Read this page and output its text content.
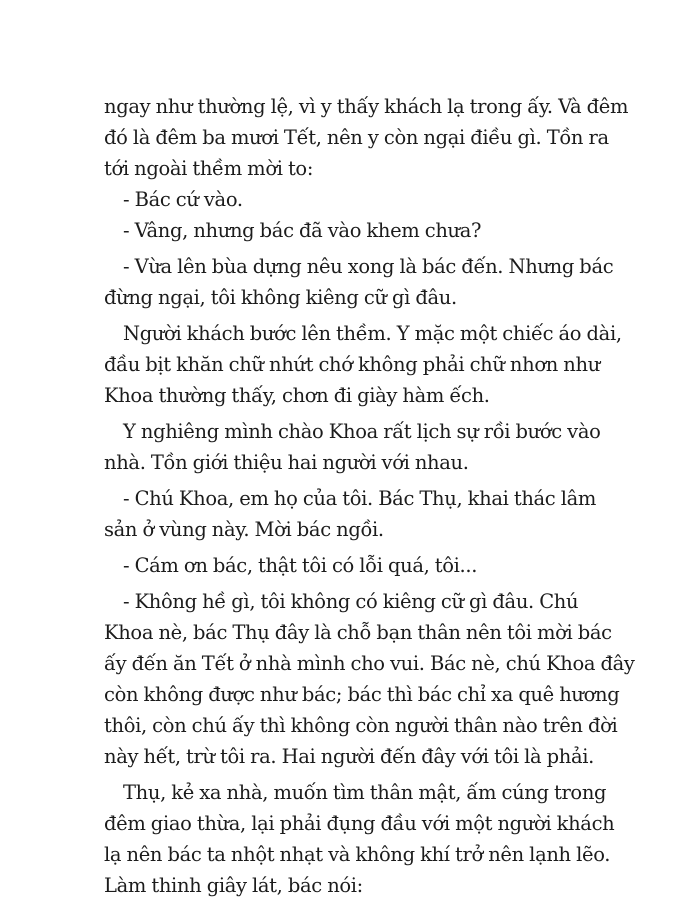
ngay như thường lệ, vì y thấy khách lạ trong ấy. Và đêm
đó là đêm ba mươi Tết, nên y còn ngại điều gì. Tồn ra
tới ngoài thềm mời to:
- Bác cứ vào.
- Vâng, nhưng bác đã vào khem chưa?
- Vừa lên bùa dựng nêu xong là bác đến. Nhưng bác
đừng ngại, tôi không kiêng cữ gì đâu.
Người khách bước lên thềm. Y mặc một chiếc áo dài,
đầu bịt khăn chữ nhứt chớ không phải chữ nhơn như
Khoa thường thấy, chơn đi giày hàm ếch.
Y nghiêng mình chào Khoa rất lịch sự rồi bước vào
nhà. Tồn giới thiệu hai người với nhau.
- Chú Khoa, em họ của tôi. Bác Thụ, khai thác lâm
sản ở vùng này. Mời bác ngồi.
- Cám ơn bác, thật tôi có lỗi quá, tôi...
- Không hề gì, tôi không có kiêng cữ gì đâu. Chú
Khoa nè, bác Thụ đây là chỗ bạn thân nên tôi mời bác
ấy đến ăn Tết ở nhà mình cho vui. Bác nè, chú Khoa đây
còn không được như bác; bác thì bác chỉ xa quê hương
thôi, còn chú ấy thì không còn người thân nào trên đời
này hết, trừ tôi ra. Hai người đến đây với tôi là phải.
Thụ, kẻ xa nhà, muốn tìm thân mật, ấm cúng trong
đêm giao thừa, lại phải đụng đầu với một người khách
lạ nên bác ta nhột nhạt và không khí trở nên lạnh lẽo.
Làm thinh giây lát, bác nói:
